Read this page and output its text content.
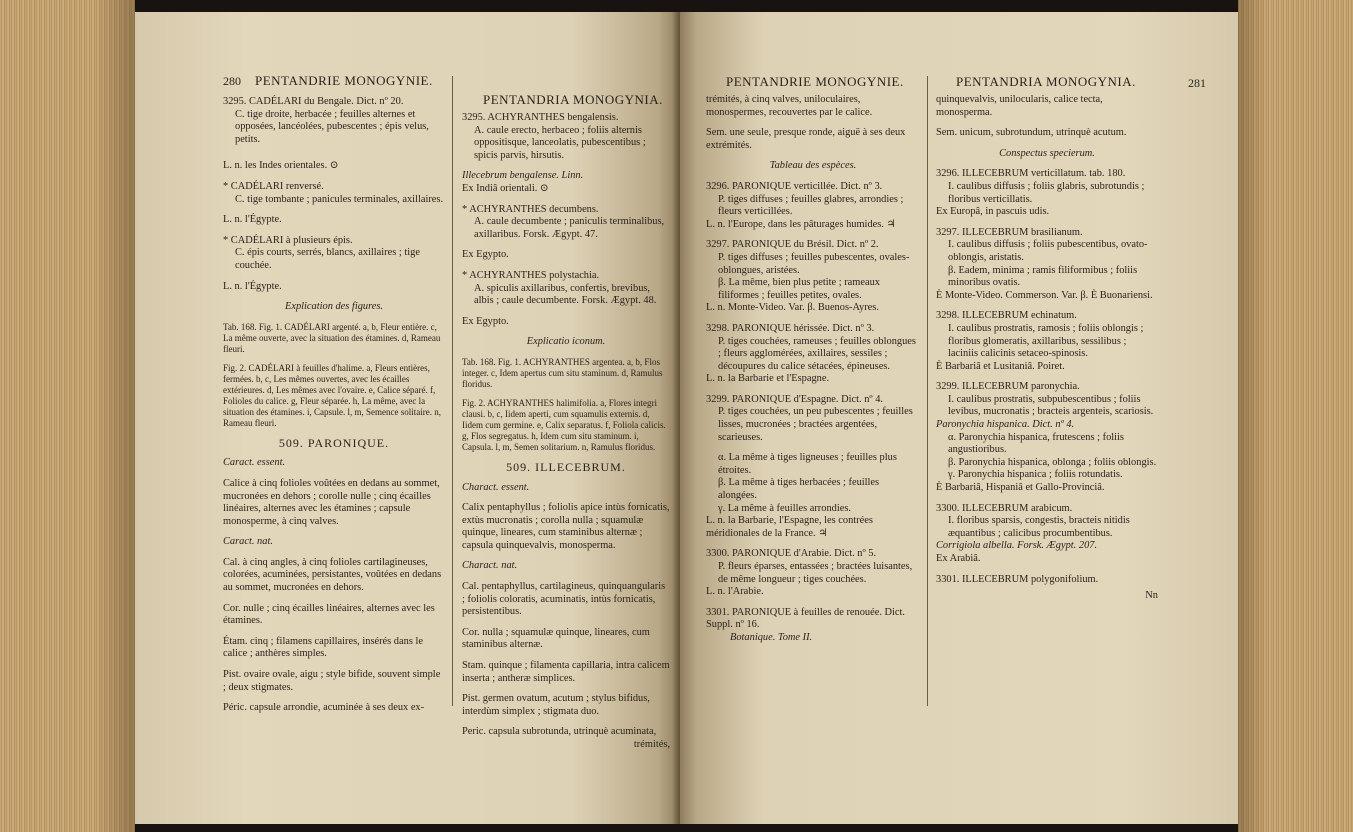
280 PENTANDRIE MONOGYNIE.
PENTANDRIA MONOGYNIA.

3295. CADÉLARI du Bengale. Dict. nº 20.

C. tige droite, herbacée ; feuilles alternes et opposées, lancéolées, pubescentes ; épis velus, petits.

L. n. les Indes orientales. ⊙

* CADÉLARI renversé.

C. tige tombante ; panicules terminales, axillaires.

L. n. l'Égypte.

* CADÉLARI à plusieurs épis.

C. épis courts, serrés, blancs, axillaires ; tige couchée.

L. n. l'Égypte.

Explication des figures.

Tab. 168. Fig. 1. CADÉLARI argenté. a, b, Fleur entière. c, La même ouverte, avec la situation des étamines. d, Rameau fleuri.

Fig. 2. CADÉLARI à feuilles d'halime. a, Fleurs entières, fermées. b, c, Les mêmes ouvertes, avec les écailles extérieures. d, Les mêmes avec l'ovaire. e, Calice séparé. f, Folioles du calice. g, Fleur séparée. h, La même, avec la situation des étamines. i, Capsule. l, m, Semence solitaire. n, Rameau fleuri.

509. PARONIQUE.

Caract. essent.

Calice à cinq folioles voûtées en dedans au sommet, mucronées en dehors ; corolle nulle ; cinq écailles linéaires, alternes avec les étamines ; capsule monosperme, à cinq valves.

Caract. nat.

Cal. à cinq angles, à cinq folioles cartilagineuses, colorées, acuminées, persistantes, voûtées en dedans au sommet, mucronées en dehors.

Cor. nulle ; cinq écailles linéaires, alternes avec les étamines.

Étam. cinq ; filamens capillaires, insérés dans le calice ; anthères simples.

Pist. ovaire ovale, aigu ; style bifide, souvent simple ; deux stigmates.

Péric. capsule arrondie, acuminée à ses deux ex-

3295. ACHYRANTHES bengalensis.

A. caule erecto, herbaceo ; foliis alternis oppositisque, lanceolatis, pubescentibus ; spicis parvis, hirsutis.

Illecebrum bengalense. Linn.

Ex Indiâ orientali. ⊙

* ACHYRANTHES decumbens.

A. caule decumbente ; paniculis terminalibus, axillaribus. Forsk. Ægypt. 47.

Ex Egypto.

* ACHYRANTHES polystachia.

A. spiculis axillaribus, confertis, brevibus, albis ; caule decumbente. Forsk. Ægypt. 48.

Ex Egypto.

Explicatio iconum.

Tab. 168. Fig. 1. ACHYRANTHES argentea. a, b, Flos integer. c, Idem apertus cum situ staminum. d, Ramulus floridus.

Fig. 2. ACHYRANTHES halimifolia. a, Flores integri clausi. b, c, Iidem aperti, cum squamulis externis. d, Iidem cum germine. e, Calix separatus. f, Foliola calicis. g, Flos segregatus. h, Idem cum situ staminum. i, Capsula. l, m, Semen solitarium. n, Ramulus floridus.

509. ILLECEBRUM.

Charact. essent.

Calix pentaphyllus ; foliolis apice intùs fornicatis, extùs mucronatis ; corolla nulla ; squamulæ quinque, lineares, cum staminibus alternæ ; capsula quinquevalvis, monosperma.

Charact. nat.

Cal. pentaphyllus, cartilagineus, quinquangularis ; foliolis coloratis, acuminatis, intùs fornicatis, persistentibus.

Cor. nulla ; squamulæ quinque, lineares, cum staminibus alternæ.

Stam. quinque ; filamenta capillaria, intra calicem inserta ; antheræ simplices.

Pist. germen ovatum, acutum ; stylus bifidus, interdùm simplex ; stigmata duo.

Peric. capsula subrotunda, utrinquè acuminata,

trémités,

PENTANDRIE MONOGYNIE.	PENTANDRIA MONOGYNIA.	281

trémités, à cinq valves, uniloculaires, monospermes, recouvertes par le calice.

Sem. une seule, presque ronde, aiguë à ses deux extrémités.

Tableau des espèces.

3296. PARONIQUE verticillée. Dict. nº 3.

P. tiges diffuses ; feuilles glabres, arrondies ; fleurs verticillées.

L. n. l'Europe, dans les pâturages humides. ♃

3297. PARONIQUE du Brésil. Dict. nº 2.

P. tiges diffuses ; feuilles pubescentes, ovales-oblongues, aristées.

β. La même, bien plus petite ; rameaux filiformes ; feuilles petites, ovales.

L. n. Monte-Video. Var. β. Buenos-Ayres.

3298. PARONIQUE hérissée. Dict. nº 3.

P. tiges couchées, rameuses ; feuilles oblongues ; fleurs agglomérées, axillaires, sessiles ; découpures du calice sétacées, épineuses.

L. n. la Barbarie et l'Espagne.

3299. PARONIQUE d'Espagne. Dict. nº 4.

P. tiges couchées, un peu pubescentes ; feuilles lisses, mucronées ; bractées argentées, scarieuses.

α. La même à tiges ligneuses ; feuilles plus étroites.

β. La même à tiges herbacées ; feuilles alongées.

γ. La même à feuilles arrondies.

L. n. la Barbarie, l'Espagne, les contrées méridionales de la France. ♃

3300. PARONIQUE d'Arabie. Dict. nº 5.

P. fleurs éparses, entassées ; bractées luisantes, de même longueur ; tiges couchées.

L. n. l'Arabie.

3301. PARONIQUE à feuilles de renouée. Dict. Suppl. nº 16.

Botanique. Tome II.

quinquevalvis, unilocularis, calice tecta, monosperma.

Sem. unicum, subrotundum, utrinquè acutum.

Conspectus specierum.

3296. ILLECEBRUM verticillatum. tab. 180.

I. caulibus diffusis ; foliis glabris, subrotundis ; floribus verticillatis.

Ex Europâ, in pascuis udis.

3297. ILLECEBRUM brasilianum.

I. caulibus diffusis ; foliis pubescentibus, ovato-oblongis, aristatis.

β. Eadem, minima ; ramis filiformibus ; foliis minoribus ovatis.

È Monte-Video. Commerson. Var. β. È Buonariensi.

3298. ILLECEBRUM echinatum.

I. caulibus prostratis, ramosis ; foliis oblongis ; floribus glomeratis, axillaribus, sessilibus ; laciniis calicinis setaceo-spinosis.

È Barbariâ et Lusitaniâ. Poiret.

3299. ILLECEBRUM paronychia.

I. caulibus prostratis, subpubescentibus ; foliis levibus, mucronatis ; bracteis argenteis, scariosis.

Paronychia hispanica. Dict. nº 4.

α. Paronychia hispanica, frutescens ; foliis angustioribus.

β. Paronychia hispanica, oblonga ; foliis oblongis.

γ. Paronychia hispanica ; foliis rotundatis.

È Barbariâ, Hispaniâ et Gallo-Provinciâ.

3300. ILLECEBRUM arabicum.

I. floribus sparsis, congestis, bracteis nitidis æquantibus ; calicibus procumbentibus.

Corrigiola albella. Forsk. Ægypt. 207.

Ex Arabiâ.

3301. ILLECEBRUM polygonifolium.

Nn
